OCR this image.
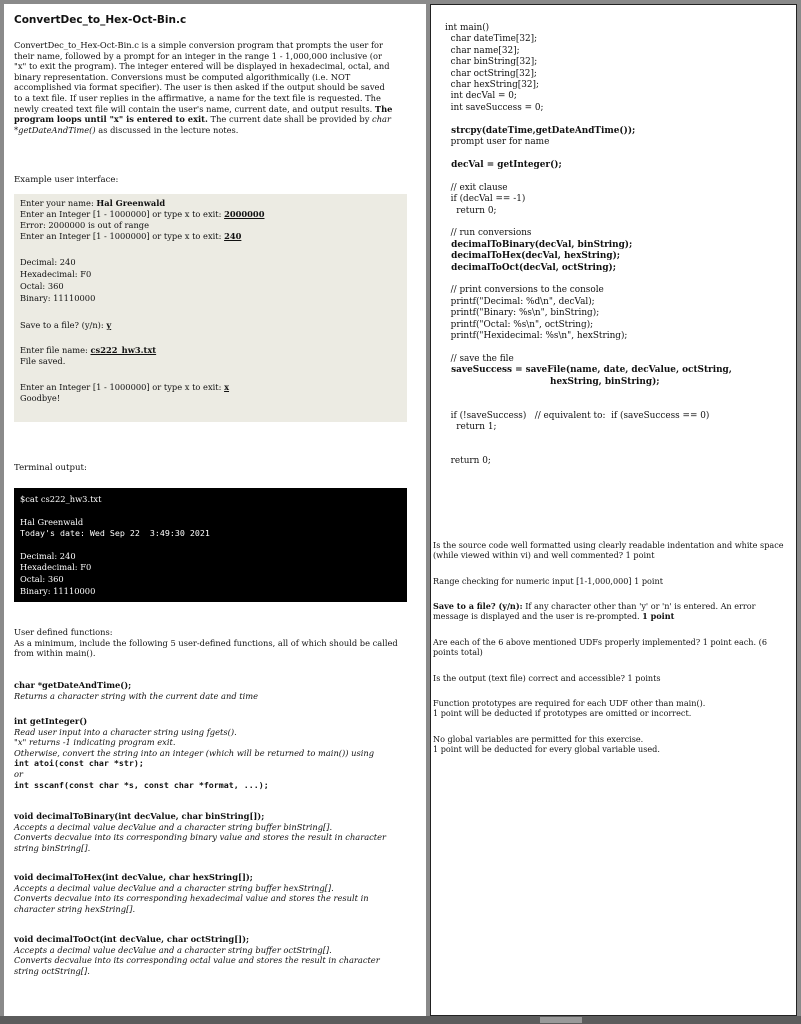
ConvertDec_to_Hex-Oct-Bin.c
ConvertDec_to_Hex-Oct-Bin.c is a simple conversion program that prompts the user for their name, followed by a prompt for an integer in the range 1 - 1,000,000 inclusive (or "x" to exit the program). The integer entered will be displayed in hexadecimal, octal, and binary representation. Conversions must be computed algorithmically (i.e. NOT accomplished via format specifier). The user is then asked if the output should be saved to a text file. If user replies in the affirmative, a name for the text file is requested. The newly created text file will contain the user's name, current date, and output results. The program loops until "x" is entered to exit. The current date shall be provided by char *getDateAndTime() as discussed in the lecture notes.
Example user interface:
Enter your name: Hal Greenwald
Enter an Integer [1 - 1000000] or type x to exit: 2000000
Error: 2000000 is out of range
Enter an Integer [1 - 1000000] or type x to exit: 240
Decimal: 240
Hexadecimal: F0
Octal: 360
Binary: 11110000
Save to a file? (y/n): y
Enter file name: cs222_hw3.txt
File saved.
Enter an Integer [1 - 1000000] or type x to exit: x
Goodbye!
Terminal output:
$cat cs222_hw3.txt
Hal Greenwald
Today's date: Wed Sep 22  3:49:30 2021
Decimal: 240
Hexadecimal: F0
Octal: 360
Binary: 11110000
User defined functions:
As a minimum, include the following 5 user-defined functions, all of which should be called from within main().
char *getDateAndTime();
Returns a character string with the current date and time
int getInteger()
Read user input into a character string using fgets().
"x" returns -1 indicating program exit.
Otherwise, convert the string into an integer (which will be returned to main()) using
int atoi(const char *str);
or
int sscanf(const char *s, const char *format, ...);
void decimalToBinary(int decValue, char binString[]);
Accepts a decimal value decValue and a character string buffer binString[].
Converts decvalue into its corresponding binary value and stores the result in character string binString[].
void decimalToHex(int decValue, char hexString[]);
Accepts a decimal value decValue and a character string buffer hexString[].
Converts decvalue into its corresponding hexadecimal value and stores the result in character string hexString[].
void decimalToOct(int decValue, char octString[]);
Accepts a decimal value decValue and a character string buffer octString[].
Converts decvalue into its corresponding octal value and stores the result in character string octString[].
int main()
char dateTime[32];
char name[32];
char binString[32];
char octString[32];
char hexString[32];
int decVal = 0;
int saveSuccess = 0;

strcpy(dateTime,getDateAndTime());
prompt user for name

decVal = getInteger();

// exit clause
if (decVal == -1)
return 0;

// run conversions
decimalToBinary(decVal, binString);
decimalToHex(decVal, hexString);
decimalToOct(decVal, octString);

// print conversions to the console
printf("Decimal: %d\n", decVal);
printf("Binary: %s\n", binString);
printf("Octal: %s\n", octString);
printf("Hexidecimal: %s\n", hexString);

// save the file
saveSuccess = saveFile(name, date, decValue, octString,
hexString, binString);

if (!saveSuccess)   // equivalent to:  if (saveSuccess == 0)
return 1;

return 0;
Is the source code well formatted using clearly readable indentation and white space (while viewed within vi) and well commented? 1 point
Range checking for numeric input [1-1,000,000] 1 point
Save to a file? (y/n): If any character other than 'y' or 'n' is entered. An error message is displayed and the user is re-prompted. 1 point
Are each of the 6 above mentioned UDFs properly implemented? 1 point each. (6 points total)
Is the output (text file) correct and accessible? 1 points
Function prototypes are required for each UDF other than main().
1 point will be deducted if prototypes are omitted or incorrect.
No global variables are permitted for this exercise.
1 point will be deducted for every global variable used.
